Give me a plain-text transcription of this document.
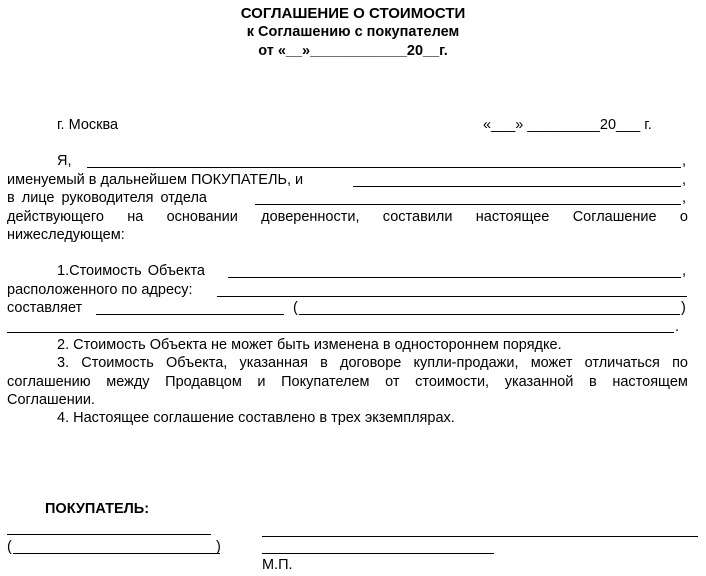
СОГЛАШЕНИЕ О СТОИМОСТИ
к Соглашению с покупателем
от «__»____________20__г.
г. Москва	«___» _________20___ г.
Я,	,
именуемый в дальнейшем ПОКУПАТЕЛЬ, и	,
в лице руководителя отдела	,
действующего на основании доверенности, составили настоящее Соглашение о
нижеследующем:
1.Стоимость Объекта	,
расположенного по адресу:
составляет	(	)
.
2. Стоимость Объекта не может быть изменена в одностороннем порядке.
3. Стоимость Объекта, указанная в договоре купли-продажи, может отличаться по
соглашению между Продавцом и Покупателем от стоимости, указанной в настоящем
Соглашении.
4. Настоящее соглашение составлено в трех экземплярах.
ПОКУПАТЕЛЬ:
(	)
М.П.
